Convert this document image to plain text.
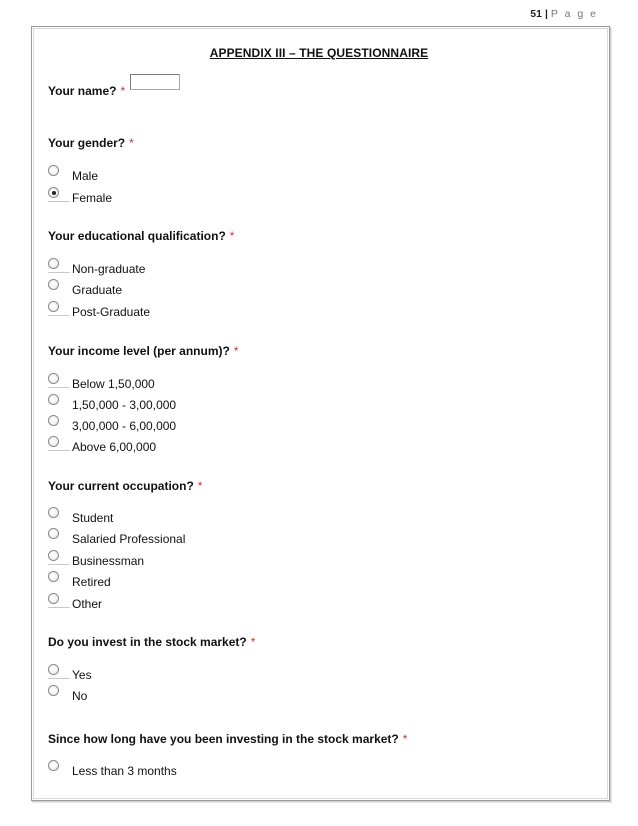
51 | P a g e
APPENDIX III – THE QUESTIONNAIRE
Your name? *
Your gender? *
Male
Female
Your educational qualification? *
Non-graduate
Graduate
Post-Graduate
Your income level (per annum)? *
Below 1,50,000
1,50,000 - 3,00,000
3,00,000 - 6,00,000
Above 6,00,000
Your current occupation? *
Student
Salaried Professional
Businessman
Retired
Other
Do you invest in the stock market? *
Yes
No
Since how long have you been investing in the stock market? *
Less than 3 months
